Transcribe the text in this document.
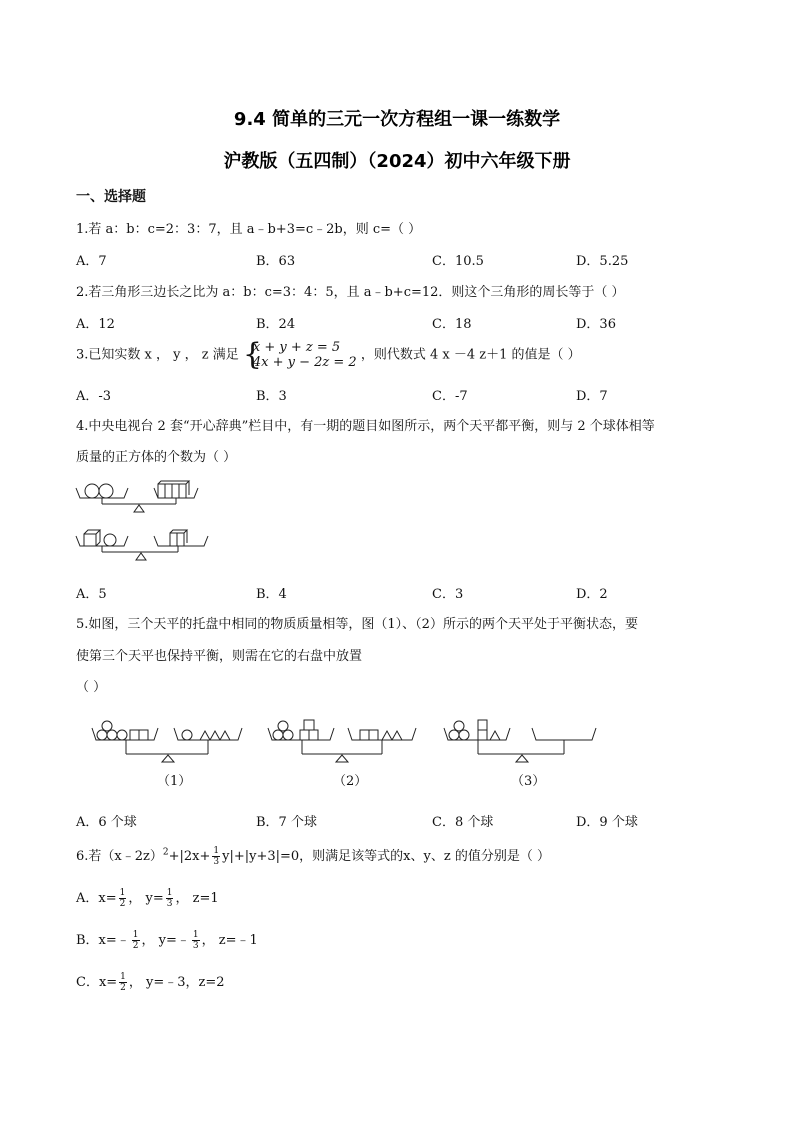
9.4 简单的三元一次方程组一课一练数学
沪教版（五四制）（2024）初中六年级下册
一、选择题
1.若 a：b：c=2：3：7，且 a﹣b+3=c﹣2b，则 c=（ ）
A．7	B．63	C．10.5	D．5.25
2.若三角形三边长之比为 a：b：c=3：4：5，且 a﹣b+c=12．则这个三角形的周长等于（ ）
A．12	B．24	C．18	D．36
3.已知实数 x ， y ， z 满足 {
x + y + z = 5
4x + y − 2z = 2 ，则代数式 4 x －4 z＋1 的值是（ ）
A．-3	B．3	C．-7	D．7
4.中央电视台 2 套“开心辞典”栏目中，有一期的题目如图所示，两个天平都平衡，则与 2 个球体相等
质量的正方体的个数为（ ）
A．5	B．4	C．3	D．2
5.如图，三个天平的托盘中相同的物质质量相等，图（1）、（2）所示的两个天平处于平衡状态，要
使第三个天平也保持平衡，则需在它的右盘中放置
（ ）
（1）	（2）	（3）
A．6 个球	B．7 个球	C．8 个球	D．9 个球
6.若（x﹣2z）$^2$+|2x+ $\frac{1}{3} y|+|y+3|=0$，则满足该等式的x、y、z 的值分别是（ ）
A．$x= \frac{1}{2}$ ， $y= \frac{1}{3}$ ， z=1
B．x=﹣ $\frac{1}{2}$ ， y=﹣ $\frac{1}{3}$ ， z=﹣1
C．$x= \frac{1}{2}$ ， y=﹣3，z=2
